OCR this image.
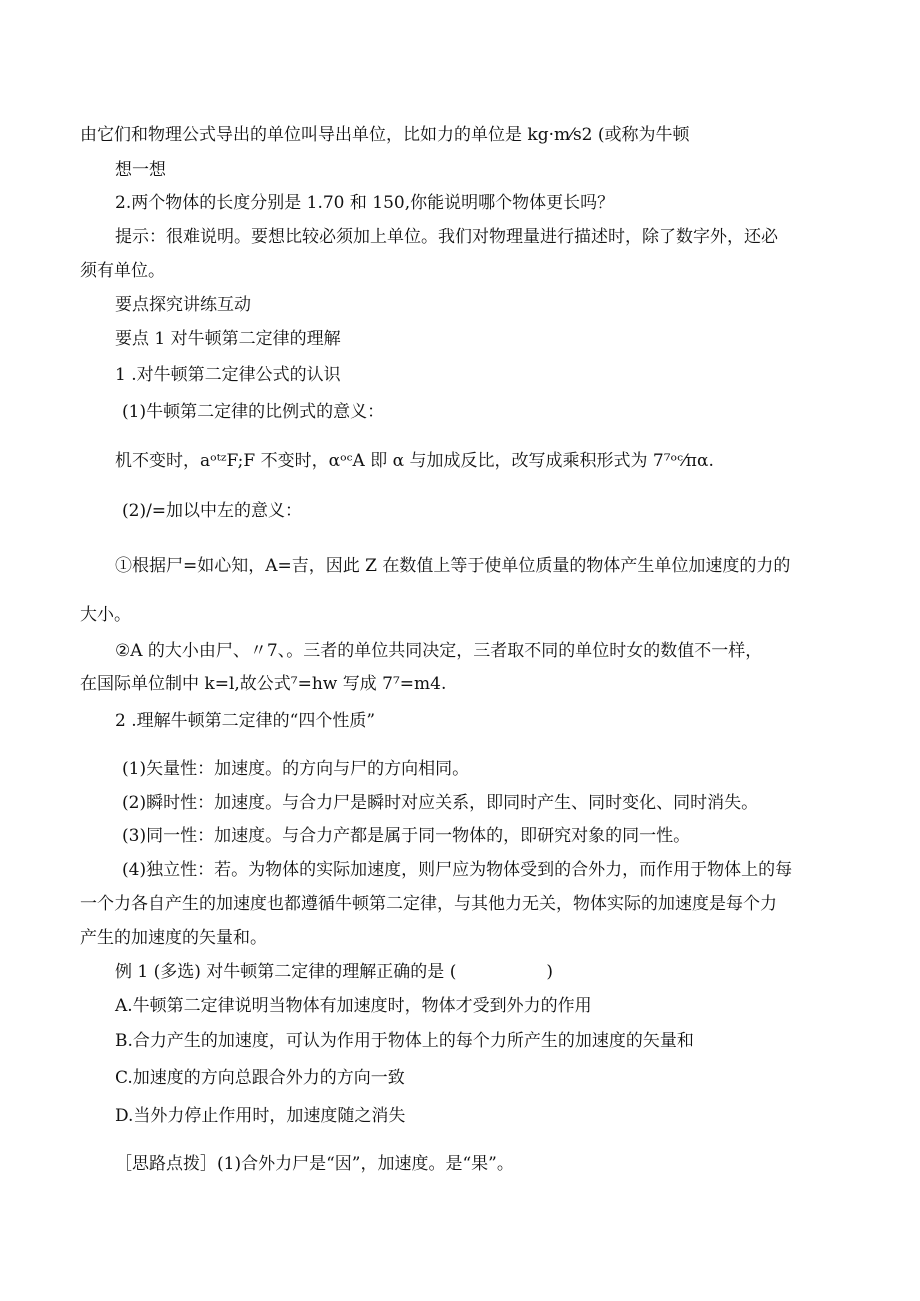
由它们和物理公式导出的单位叫导出单位，比如力的单位是 kg·m⁄s2 (或称为牛顿
想一想
2.两个物体的长度分别是 1.70 和 150,你能说明哪个物体更长吗？
提示：很难说明。要想比较必须加上单位。我们对物理量进行描述时，除了数字外，还必
须有单位。
要点探究讲练互动
要点 1 对牛顿第二定律的理解
1 .对牛顿第二定律公式的认识
(1)牛顿第二定律的比例式的意义：
机不变时，aᵒᵗᶻF;F 不变时，αᵒᶜA 即 α 与加成反比，改写成乘积形式为 7⁷ᵒᶜ⁄πα.
(2)/=加以中左的意义：
①根据尸=如心知，A=吉，因此 Z 在数值上等于使单位质量的物体产生单位加速度的力的
大小。
②A 的大小由尸、〃7、。三者的单位共同决定，三者取不同的单位时女的数值不一样，
在国际单位制中 k=l,故公式⁷=hw 写成 7⁷=m4.
2 .理解牛顿第二定律的“四个性质”
(1)矢量性：加速度。的方向与尸的方向相同。
(2)瞬时性：加速度。与合力尸是瞬时对应关系，即同时产生、同时变化、同时消失。
(3)同一性：加速度。与合力产都是属于同一物体的，即研究对象的同一性。
(4)独立性：若。为物体的实际加速度，则尸应为物体受到的合外力，而作用于物体上的每
一个力各自产生的加速度也都遵循牛顿第二定律，与其他力无关，物体实际的加速度是每个力
产生的加速度的矢量和。
例 1 (多选) 对牛顿第二定律的理解正确的是 (	)
A.牛顿第二定律说明当物体有加速度时，物体才受到外力的作用
B.合力产生的加速度，可认为作用于物体上的每个力所产生的加速度的矢量和
C.加速度的方向总跟合外力的方向一致
D.当外力停止作用时，加速度随之消失
［思路点拨］(1)合外力尸是“因”，加速度。是“果”。
